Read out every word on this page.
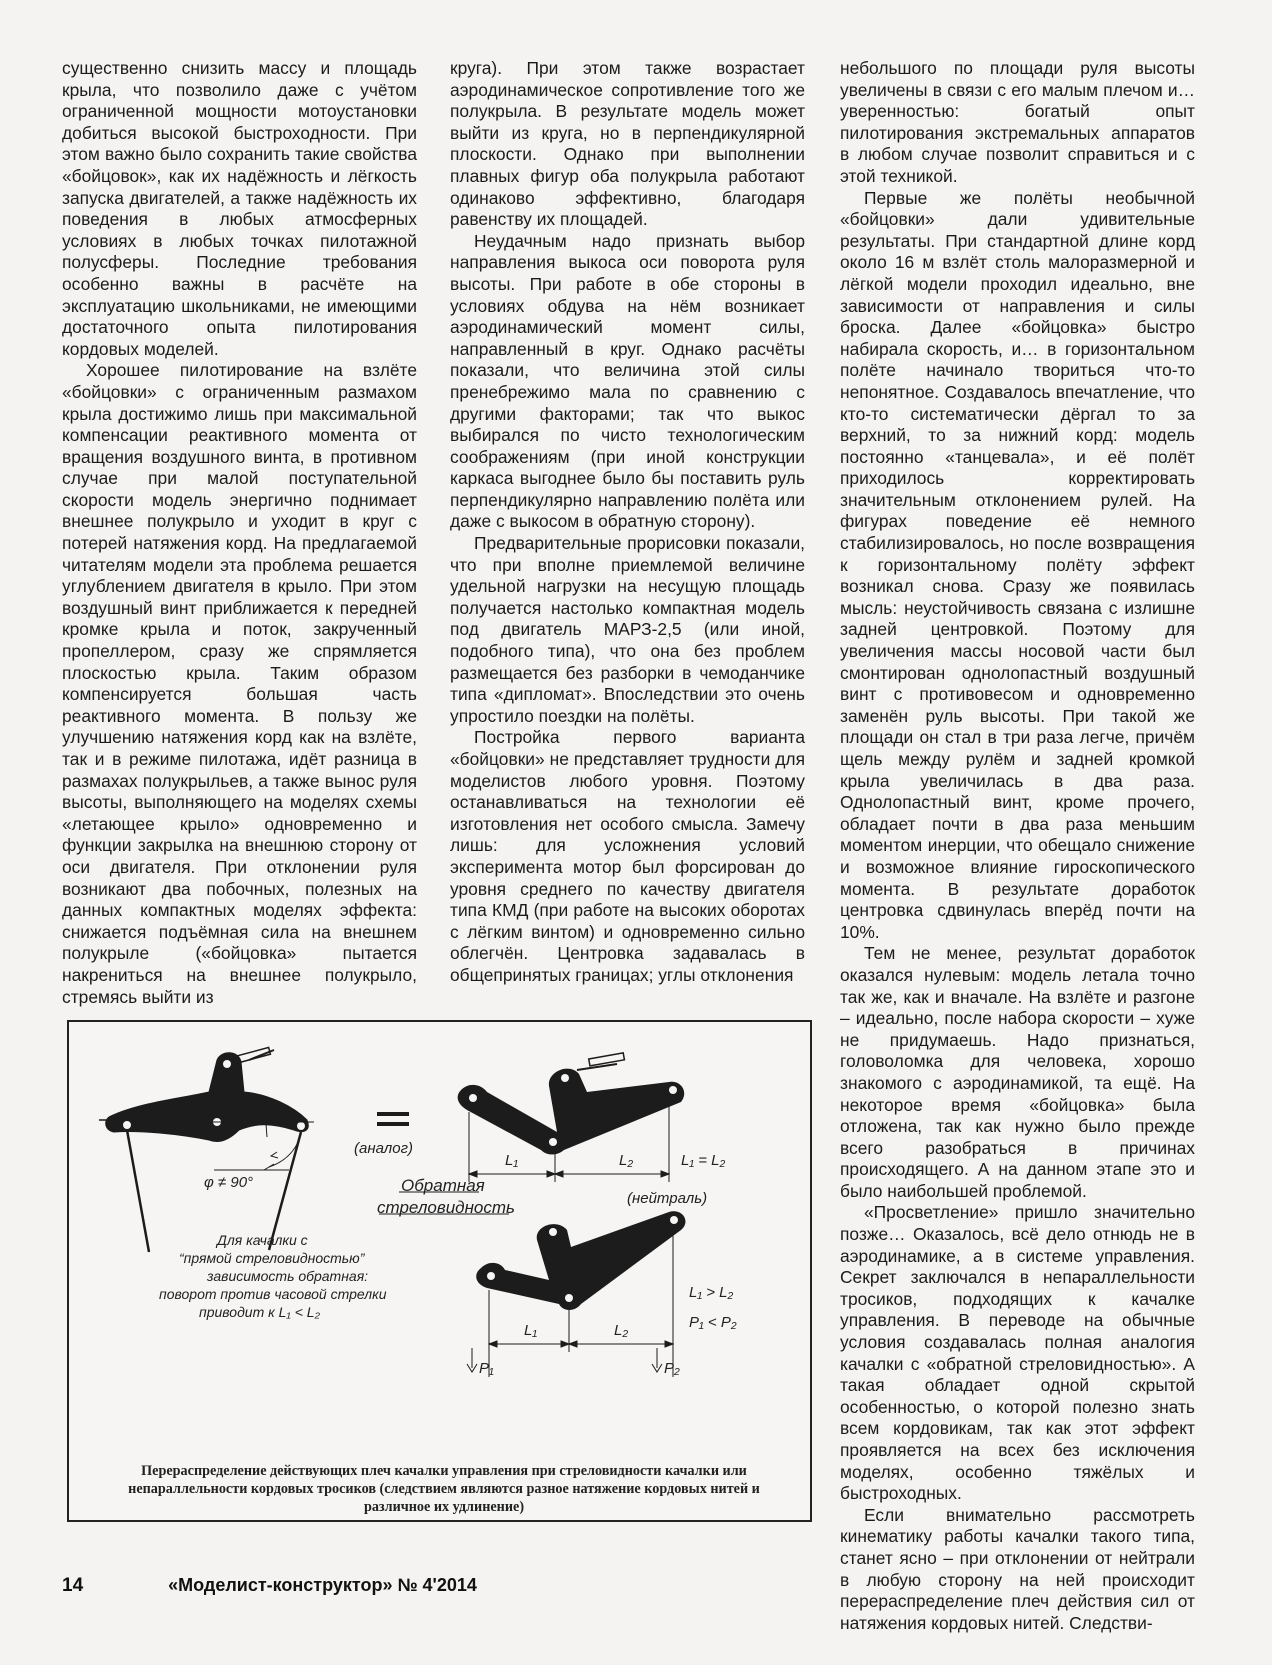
существенно снизить массу и площадь крыла, что позволило даже с учётом ограниченной мощности мотоустановки добиться высокой быстроходности. При этом важно было сохранить такие свойства «бойцовок», как их надёжность и лёгкость запуска двигателей, а также надёжность их поведения в любых атмосферных условиях в любых точках пилотажной полусферы. Последние требования особенно важны в расчёте на эксплуатацию школьниками, не имеющими достаточного опыта пилотирования кордовых моделей.

Хорошее пилотирование на взлёте «бойцовки» с ограниченным размахом крыла достижимо лишь при максимальной компенсации реактивного момента от вращения воздушного винта, в противном случае при малой поступательной скорости модель энергично поднимает внешнее полукрыло и уходит в круг с потерей натяжения корд. На предлагаемой читателям модели эта проблема решается углублением двигателя в крыло. При этом воздушный винт приближается к передней кромке крыла и поток, закрученный пропеллером, сразу же спрямляется плоскостью крыла. Таким образом компенсируется большая часть реактивного момента. В пользу же улучшению натяжения корд как на взлёте, так и в режиме пилотажа, идёт разница в размахах полукрыльев, а также вынос руля высоты, выполняющего на моделях схемы «летающее крыло» одновременно и функции закрылка на внешнюю сторону от оси двигателя. При отклонении руля возникают два побочных, полезных на данных компактных моделях эффекта: снижается подъёмная сила на внешнем полукрыле («бойцовка» пытается накрениться на внешнее полукрыло, стремясь выйти из

круга). При этом также возрастает аэродинамическое сопротивление того же полукрыла. В результате модель может выйти из круга, но в перпендикулярной плоскости. Однако при выполнении плавных фигур оба полукрыла работают одинаково эффективно, благодаря равенству их площадей.

Неудачным надо признать выбор направления выкоса оси поворота руля высоты. При работе в обе стороны в условиях обдува на нём возникает аэродинамический момент силы, направленный в круг. Однако расчёты показали, что величина этой силы пренебрежимо мала по сравнению с другими факторами; так что выкос выбирался по чисто технологическим соображениям (при иной конструкции каркаса выгоднее было бы поставить руль перпендикулярно направлению полёта или даже с выкосом в обратную сторону).

Предварительные прорисовки показали, что при вполне приемлемой величине удельной нагрузки на несущую площадь получается настолько компактная модель под двигатель МАРЗ-2,5 (или иной, подобного типа), что она без проблем размещается без разборки в чемоданчике типа «дипломат». Впоследствии это очень упростило поездки на полёты.

Постройка первого варианта «бойцовки» не представляет трудности для моделистов любого уровня. Поэтому останавливаться на технологии её изготовления нет особого смысла. Замечу лишь: для усложнения условий эксперимента мотор был форсирован до уровня среднего по качеству двигателя типа КМД (при работе на высоких оборотах с лёгким винтом) и одновременно сильно облегчён. Центровка задавалась в общепринятых границах; углы отклонения

небольшого по площади руля высоты увеличены в связи с его малым плечом и… уверенностью: богатый опыт пилотирования экстремальных аппаратов в любом случае позволит справиться и с этой техникой.

Первые же полёты необычной «бойцовки» дали удивительные результаты. При стандартной длине корд около 16 м взлёт столь малоразмерной и лёгкой модели проходил идеально, вне зависимости от направления и силы броска. Далее «бойцовка» быстро набирала скорость, и… в горизонтальном полёте начинало твориться что-то непонятное. Создавалось впечатление, что кто-то систематически дёргал то за верхний, то за нижний корд: модель постоянно «танцевала», и её полёт приходилось корректировать значительным отклонением рулей. На фигурах поведение её немного стабилизировалось, но после возвращения к горизонтальному полёту эффект возникал снова. Сразу же появилась мысль: неустойчивость связана с излишне задней центровкой. Поэтому для увеличения массы носовой части был смонтирован однолопастный воздушный винт с противовесом и одновременно заменён руль высоты. При такой же площади он стал в три раза легче, причём щель между рулём и задней кромкой крыла увеличилась в два раза. Однолопастный винт, кроме прочего, обладает почти в два раза меньшим моментом инерции, что обещало снижение и возможное влияние гироскопического момента. В результате доработок центровка сдвинулась вперёд почти на 10%.

Тем не менее, результат доработок оказался нулевым: модель летала точно так же, как и вначале. На взлёте и разгоне – идеально, после набора скорости – хуже не придумаешь. Надо признаться, головоломка для человека, хорошо знакомого с аэродинамикой, та ещё. На некоторое время «бойцовка» была отложена, так как нужно было прежде всего разобраться в причинах происходящего. А на данном этапе это и было наибольшей проблемой.

«Просветление» пришло значительно позже… Оказалось, всё дело отнюдь не в аэродинамике, а в системе управления. Секрет заключался в непараллельности тросиков, подходящих к качалке управления. В переводе на обычные условия создавалась полная аналогия качалки с «обратной стреловидностью». А такая обладает одной скрытой особенностью, о которой полезно знать всем кордовикам, так как этот эффект проявляется на всех без исключения моделях, особенно тяжёлых и быстроходных.

Если внимательно рассмотреть кинематику работы качалки такого типа, станет ясно – при отклонении от нейтрали в любую сторону на ней происходит перераспределение плеч действия сил от натяжения кордовых нитей. Следстви-

φ ≠ 90°
(аналог)
L₁	L₂	L₁ = L₂
(нейтраль)
Обратная
стреловидность
Для качалки с
“прямой стреловидностью”
зависимость обратная:
поворот против часовой стрелки
приводит к L₁ < L₂
L₁ > L₂
P₁ < P₂
L₁	L₂
P₁	P₂
Перераспределение действующих плеч качалки управления при стреловидности качалки или непараллельности кордовых тросиков (следствием являются разное натяжение кордовых нитей и различное их удлинение)
14	«Моделист-конструктор» № 4'2014
